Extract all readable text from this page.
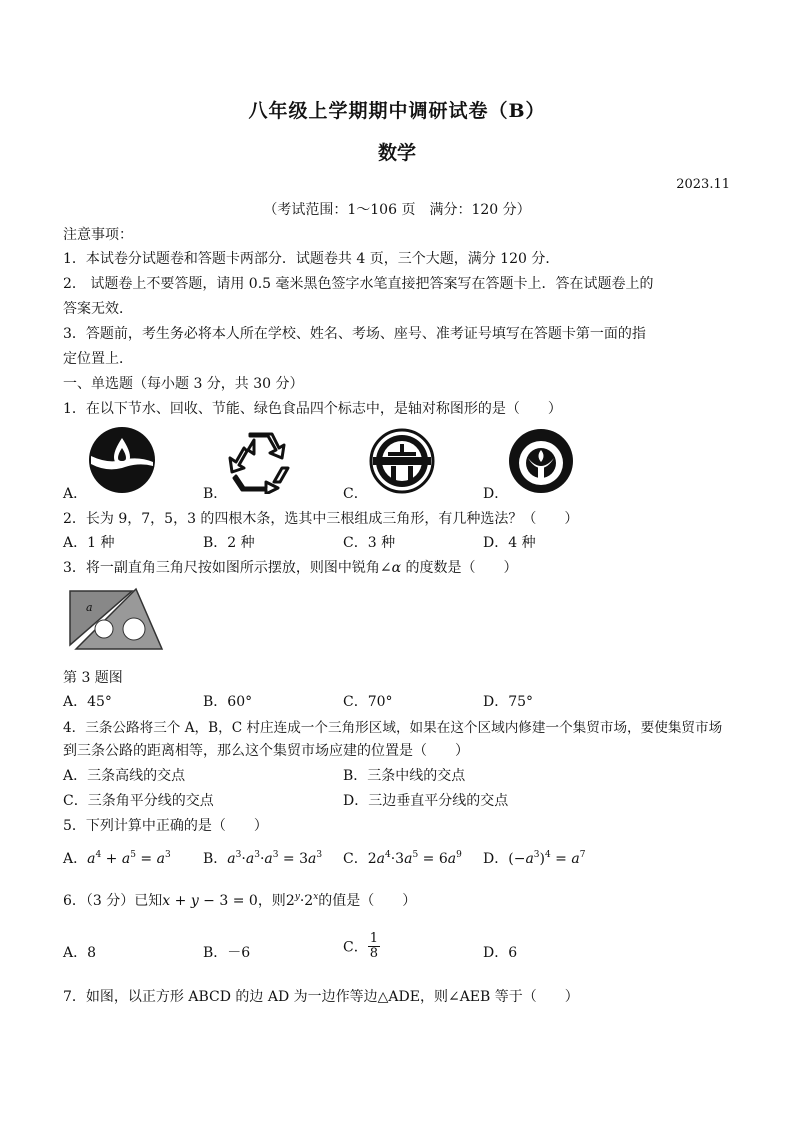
八年级上学期期中调研试卷（B）
数学
2023.11
（考试范围：1～106 页　满分：120 分）
注意事项：
1．本试卷分试题卷和答题卡两部分．试题卷共 4 页，三个大题，满分 120 分．
2． 试题卷上不要答题，请用 0.5 毫米黑色签字水笔直接把答案写在答题卡上．答在试题卷上的
答案无效．
3．答题前，考生务必将本人所在学校、姓名、考场、座号、准考证号填写在答题卡第一面的指
定位置上．
一、单选题（每小题 3 分，共 30 分）
1．在以下节水、回收、节能、绿色食品四个标志中，是轴对称图形的是（　　）
A．	B．	C．	D．
2．长为 9，7，5，3 的四根木条，选其中三根组成三角形，有几种选法？（　　）
A．1 种	B．2 种	C．3 种	D．4 种
3．将一副直角三角尺按如图所示摆放，则图中锐角∠α 的度数是（　　）
a
第 3 题图
A．45°	B．60°	C．70°	D．75°
4．三条公路将三个 A，B，C 村庄连成一个三角形区域，如果在这个区域内修建一个集贸市场，要使集贸市场
到三条公路的距离相等，那么这个集贸市场应建的位置是（　　）
A．三条高线的交点	B．三条中线的交点
C．三条角平分线的交点	D．三边垂直平分线的交点
5．下列计算中正确的是（　　）
A．$a^4 + a^5 = a^3$ B．$a^3\cdot a^3\cdot a^3 = 3a^3$ C．$2a^4\cdot 3a^5 = 6a^9$ D．$(-a^3)^4 = a^7$
6．（3 分）已知x + y − 3 = 0，则$2^y\cdot 2^x$的值是（　　）
A．8	B．－6	C． $\frac{1}{8}$	D．6
7．如图，以正方形 ABCD 的边 AD 为一边作等边△ADE，则∠AEB 等于（　　）
